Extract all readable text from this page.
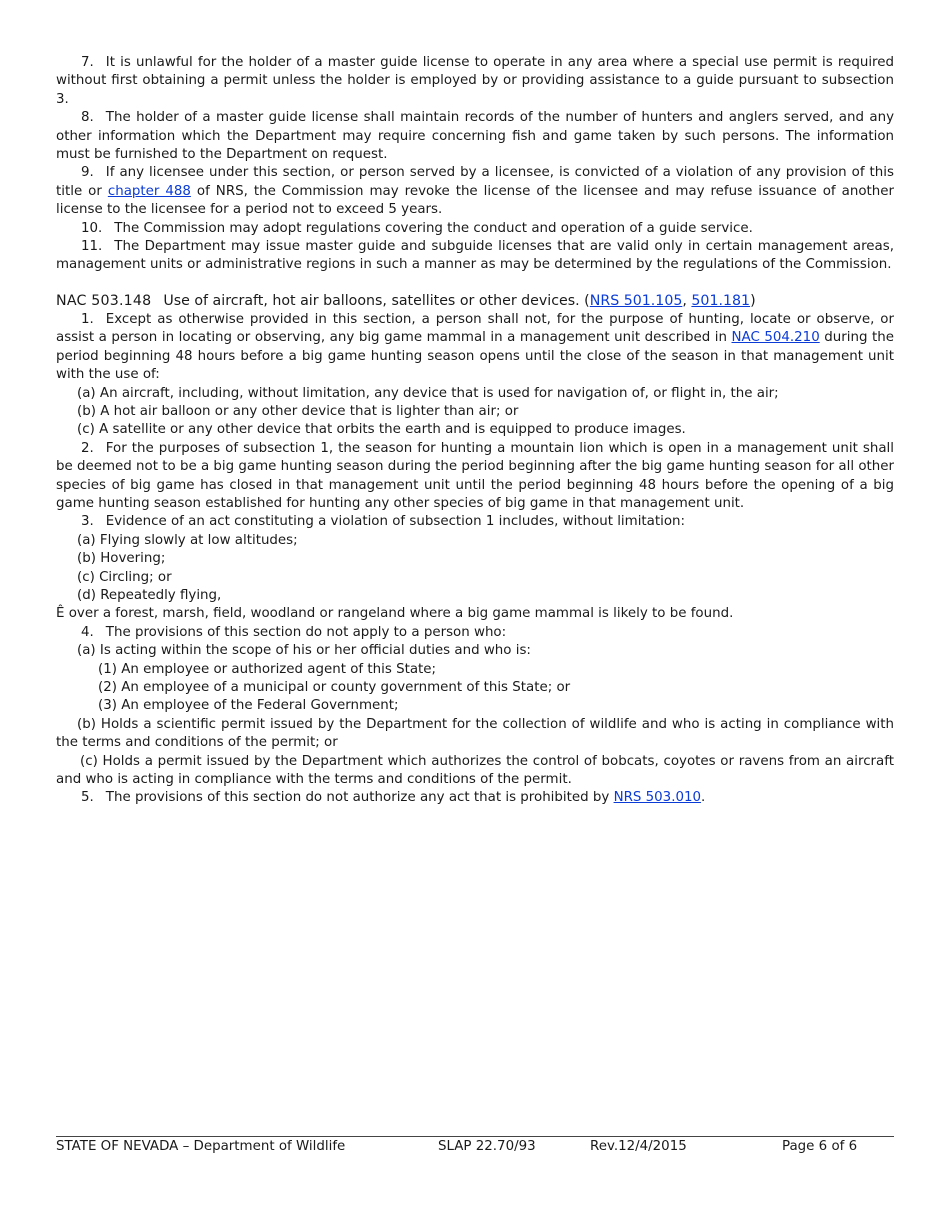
7. It is unlawful for the holder of a master guide license to operate in any area where a special use permit is required without first obtaining a permit unless the holder is employed by or providing assistance to a guide pursuant to subsection 3.

8. The holder of a master guide license shall maintain records of the number of hunters and anglers served, and any other information which the Department may require concerning fish and game taken by such persons. The information must be furnished to the Department on request.

9. If any licensee under this section, or person served by a licensee, is convicted of a violation of any provision of this title or chapter 488 of NRS, the Commission may revoke the license of the licensee and may refuse issuance of another license to the licensee for a period not to exceed 5 years.

10. The Commission may adopt regulations covering the conduct and operation of a guide service.

11. The Department may issue master guide and subguide licenses that are valid only in certain management areas, management units or administrative regions in such a manner as may be determined by the regulations of the Commission.

NAC 503.148 Use of aircraft, hot air balloons, satellites or other devices. (NRS 501.105, 501.181)

1. Except as otherwise provided in this section, a person shall not, for the purpose of hunting, locate or observe, or assist a person in locating or observing, any big game mammal in a management unit described in NAC 504.210 during the period beginning 48 hours before a big game hunting season opens until the close of the season in that management unit with the use of:

(a) An aircraft, including, without limitation, any device that is used for navigation of, or flight in, the air;

(b) A hot air balloon or any other device that is lighter than air; or

(c) A satellite or any other device that orbits the earth and is equipped to produce images.

2. For the purposes of subsection 1, the season for hunting a mountain lion which is open in a management unit shall be deemed not to be a big game hunting season during the period beginning after the big game hunting season for all other species of big game has closed in that management unit until the period beginning 48 hours before the opening of a big game hunting season established for hunting any other species of big game in that management unit.

3. Evidence of an act constituting a violation of subsection 1 includes, without limitation:

(a) Flying slowly at low altitudes;

(b) Hovering;

(c) Circling; or

(d) Repeatedly flying,

Ê over a forest, marsh, field, woodland or rangeland where a big game mammal is likely to be found.

4. The provisions of this section do not apply to a person who:

(a) Is acting within the scope of his or her official duties and who is:

(1) An employee or authorized agent of this State;

(2) An employee of a municipal or county government of this State; or

(3) An employee of the Federal Government;

(b) Holds a scientific permit issued by the Department for the collection of wildlife and who is acting in compliance with the terms and conditions of the permit; or

(c) Holds a permit issued by the Department which authorizes the control of bobcats, coyotes or ravens from an aircraft and who is acting in compliance with the terms and conditions of the permit.

5. The provisions of this section do not authorize any act that is prohibited by NRS 503.010.

STATE OF NEVADA – Department of Wildlife	SLAP 22.70/93	Rev.12/4/2015	Page 6 of 6
